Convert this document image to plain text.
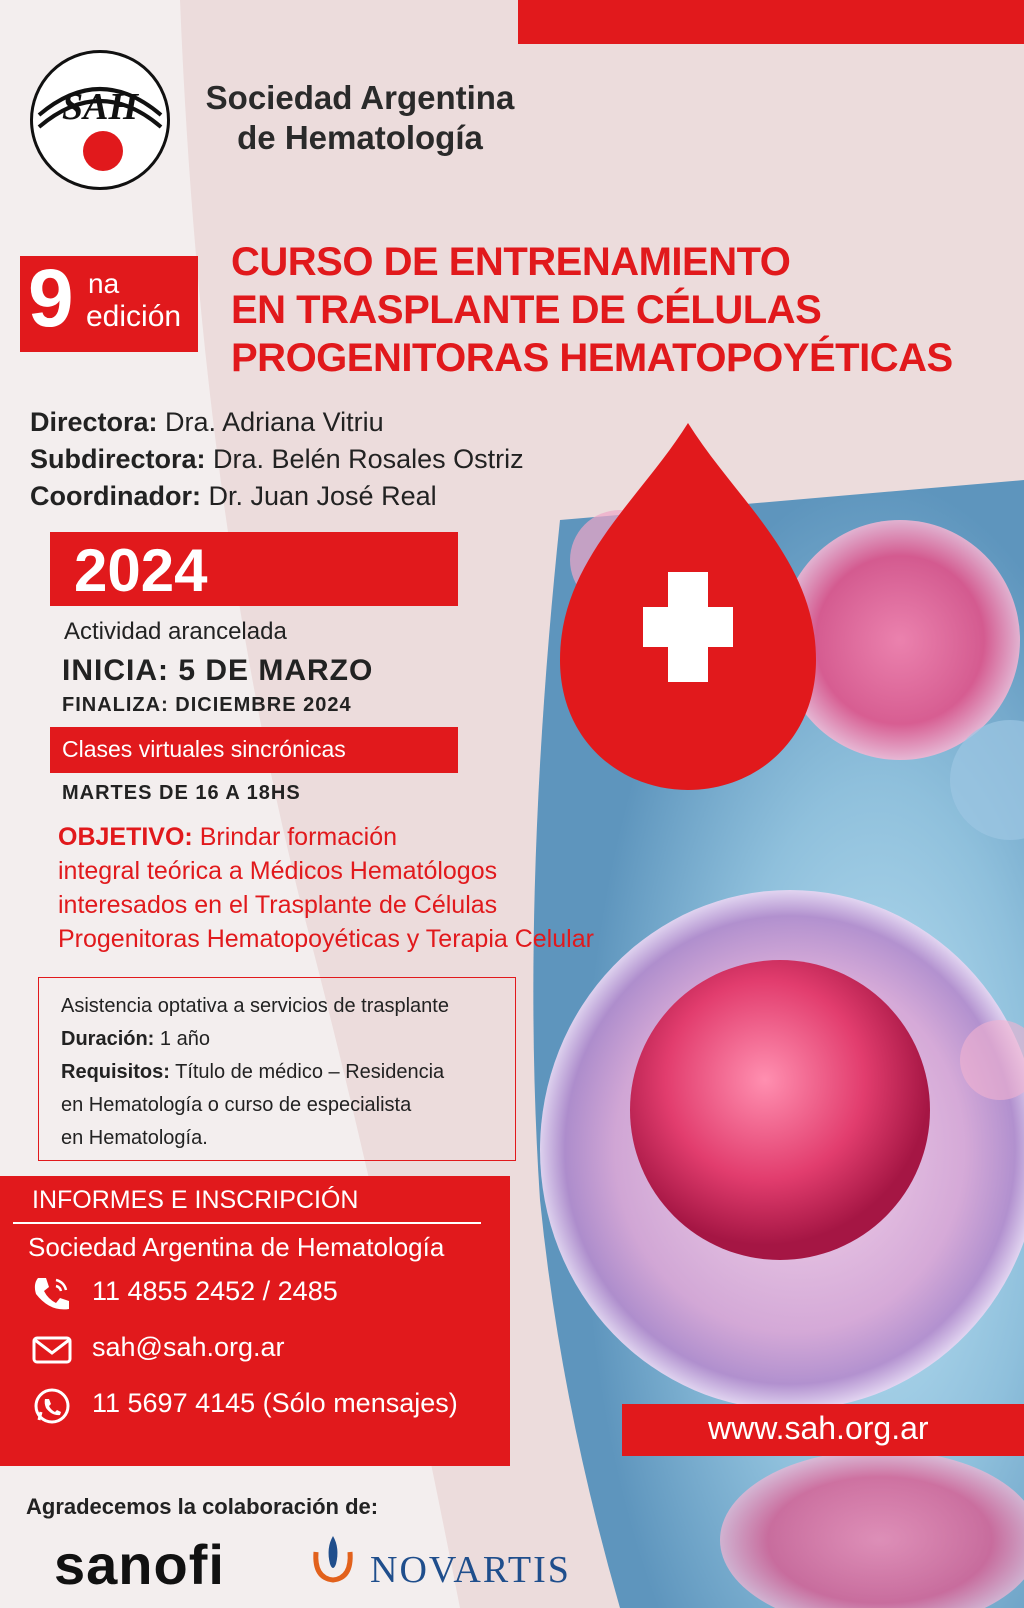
SAH	Sociedad Argentina
de Hematología
9 na
edición
CURSO DE ENTRENAMIENTO
EN TRASPLANTE DE CÉLULAS
PROGENITORAS HEMATOPOYÉTICAS
Directora: Dra. Adriana Vitriu
Subdirectora: Dra. Belén Rosales Ostriz
Coordinador: Dr. Juan José Real
2024
Actividad arancelada
INICIA: 5 DE MARZO
FINALIZA: DICIEMBRE 2024
Clases virtuales sincrónicas
MARTES DE 16 A 18HS
OBJETIVO: Brindar formación
integral teórica a Médicos Hematólogos
interesados en el Trasplante de Células
Progenitoras Hematopoyéticas y Terapia Celular
Asistencia optativa a servicios de trasplante
Duración: 1 año
Requisitos: Título de médico – Residencia
en Hematología o curso de especialista
en Hematología.
INFORMES E INSCRIPCIÓN
Sociedad Argentina de Hematología
11 4855 2452 / 2485
sah@sah.org.ar
11 5697 4145 (Sólo mensajes)
www.sah.org.ar
Agradecemos la colaboración de:
sanofi	NOVARTIS
